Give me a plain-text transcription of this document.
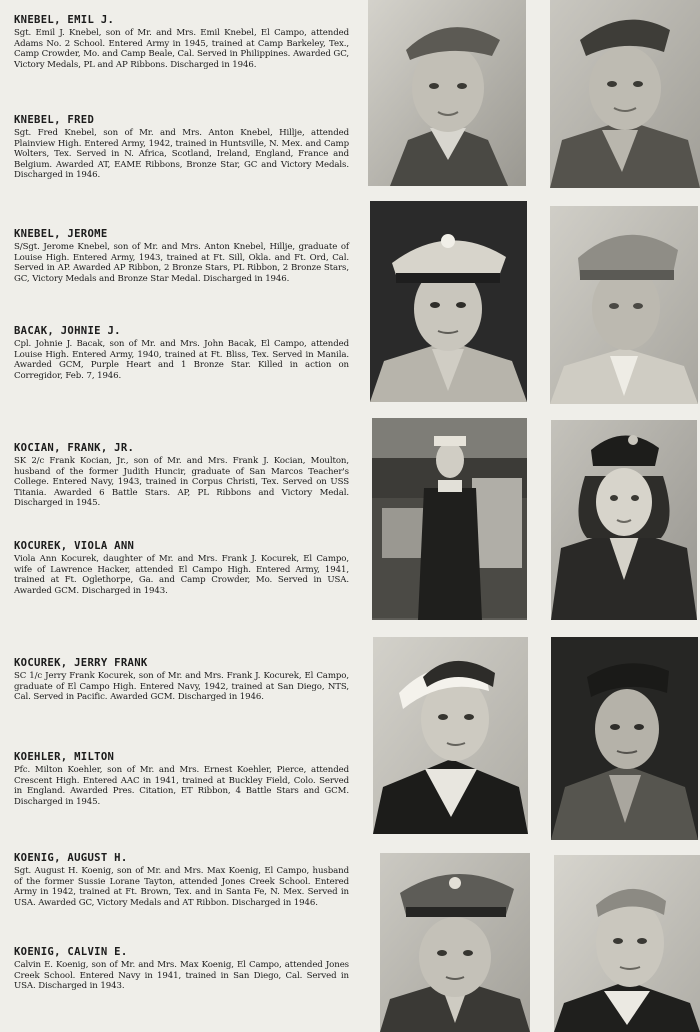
KNEBEL, EMIL J.

Sgt. Emil J. Knebel, son of Mr. and Mrs. Emil Knebel, El Campo, attended Adams No. 2 School. Entered Army in 1945, trained at Camp Barkeley, Tex., Camp Crowder, Mo. and Camp Beale, Cal. Served in Philippines. Awarded GC, Victory Medals, PL and AP Ribbons. Discharged in 1946.

KNEBEL, FRED

Sgt. Fred Knebel, son of Mr. and Mrs. Anton Knebel, Hillje, attended Plainview High. Entered Army, 1942, trained in Huntsville, N. Mex. and Camp Wolters, Tex. Served in N. Africa, Scotland, Ireland, England, France and Belgium. Awarded AT, EAME Ribbons, Bronze Star, GC and Victory Medals. Discharged in 1946.

KNEBEL, JEROME

S/Sgt. Jerome Knebel, son of Mr. and Mrs. Anton Knebel, Hillje, graduate of Louise High. Entered Army, 1943, trained at Ft. Sill, Okla. and Ft. Ord, Cal. Served in AP. Awarded AP Ribbon, 2 Bronze Stars, PL Ribbon, 2 Bronze Stars, GC, Victory Medals and Bronze Star Medal. Discharged in 1946.

BACAK, JOHNIE J.

Cpl. Johnie J. Bacak, son of Mr. and Mrs. John Bacak, El Campo, attended Louise High. Entered Army, 1940, trained at Ft. Bliss, Tex. Served in Manila. Awarded GCM, Purple Heart and 1 Bronze Star. Killed in action on Corregidor, Feb. 7, 1946.

KOCIAN, FRANK, JR.

SK 2/c Frank Kocian, Jr., son of Mr. and Mrs. Frank J. Kocian, Moulton, husband of the former Judith Huncir, graduate of San Marcos Teacher's College. Entered Navy, 1943, trained in Corpus Christi, Tex. Served on USS Titania. Awarded 6 Battle Stars. AP, PL Ribbons and Victory Medal. Discharged in 1945.

KOCUREK, VIOLA ANN

Viola Ann Kocurek, daughter of Mr. and Mrs. Frank J. Kocurek, El Campo, wife of Lawrence Hacker, attended El Campo High. Entered Army, 1941, trained at Ft. Oglethorpe, Ga. and Camp Crowder, Mo. Served in USA. Awarded GCM. Discharged in 1943.

KOCUREK, JERRY FRANK

SC 1/c Jerry Frank Kocurek, son of Mr. and Mrs. Frank J. Kocurek, El Campo, graduate of El Campo High. Entered Navy, 1942, trained at San Diego, NTS, Cal. Served in Pacific. Awarded GCM. Discharged in 1946.

KOEHLER, MILTON

Pfc. Milton Koehler, son of Mr. and Mrs. Ernest Koehler, Pierce, attended Crescent High. Entered AAC in 1941, trained at Buckley Field, Colo. Served in England. Awarded Pres. Citation, ET Ribbon, 4 Battle Stars and GCM. Discharged in 1945.

KOENIG, AUGUST H.

Sgt. August H. Koenig, son of Mr. and Mrs. Max Koenig, El Campo, husband of the former Sussie Lorane Tayton, attended Jones Creek School. Entered Army in 1942, trained at Ft. Brown, Tex. and in Santa Fe, N. Mex. Served in USA. Awarded GC, Victory Medals and AT Ribbon. Discharged in 1946.

KOENIG, CALVIN E.

Calvin E. Koenig, son of Mr. and Mrs. Max Koenig, El Campo, attended Jones Creek School. Entered Navy in 1941, trained in San Diego, Cal. Served in USA. Discharged in 1943.
